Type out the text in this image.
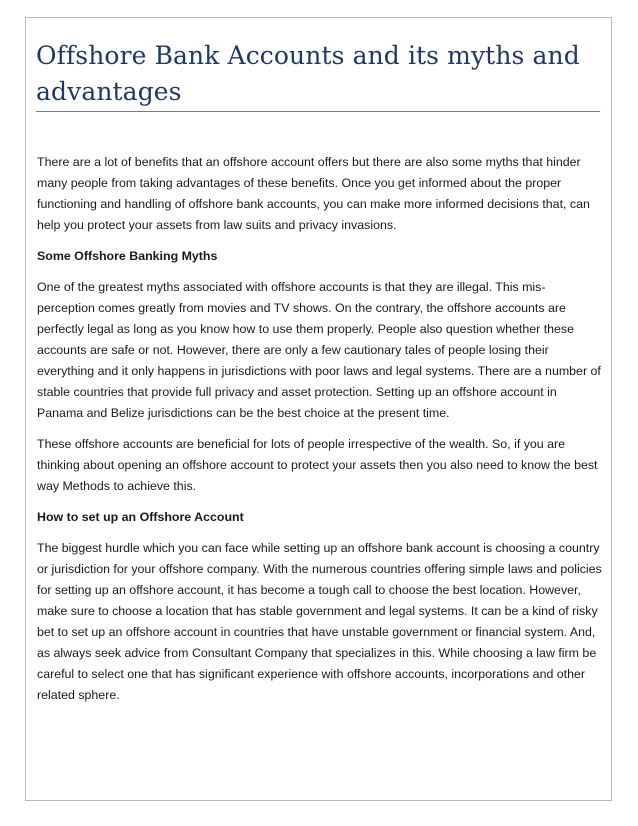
Offshore Bank Accounts and its myths and advantages

There are a lot of benefits that an offshore account offers but there are also some myths that hinder many people from taking advantages of these benefits. Once you get informed about the proper functioning and handling of offshore bank accounts, you can make more informed decisions that, can help you protect your assets from law suits and privacy invasions.

Some Offshore Banking Myths

One of the greatest myths associated with offshore accounts is that they are illegal. This mis-perception comes greatly from movies and TV shows. On the contrary, the offshore accounts are perfectly legal as long as you know how to use them properly. People also question whether these accounts are safe or not. However, there are only a few cautionary tales of people losing their everything and it only happens in jurisdictions with poor laws and legal systems. There are a number of stable countries that provide full privacy and asset protection. Setting up an offshore account in Panama and Belize jurisdictions can be the best choice at the present time.

These offshore accounts are beneficial for lots of people irrespective of the wealth. So, if you are thinking about opening an offshore account to protect your assets then you also need to know the best way Methods to achieve this.

How to set up an Offshore Account

The biggest hurdle which you can face while setting up an offshore bank account is choosing a country or jurisdiction for your offshore company. With the numerous countries offering simple laws and policies for setting up an offshore account, it has become a tough call to choose the best location. However, make sure to choose a location that has stable government and legal systems. It can be a kind of risky bet to set up an offshore account in countries that have unstable government or financial system. And, as always seek advice from Consultant Company that specializes in this. While choosing a law firm be careful to select one that has significant experience with offshore accounts, incorporations and other related sphere.
